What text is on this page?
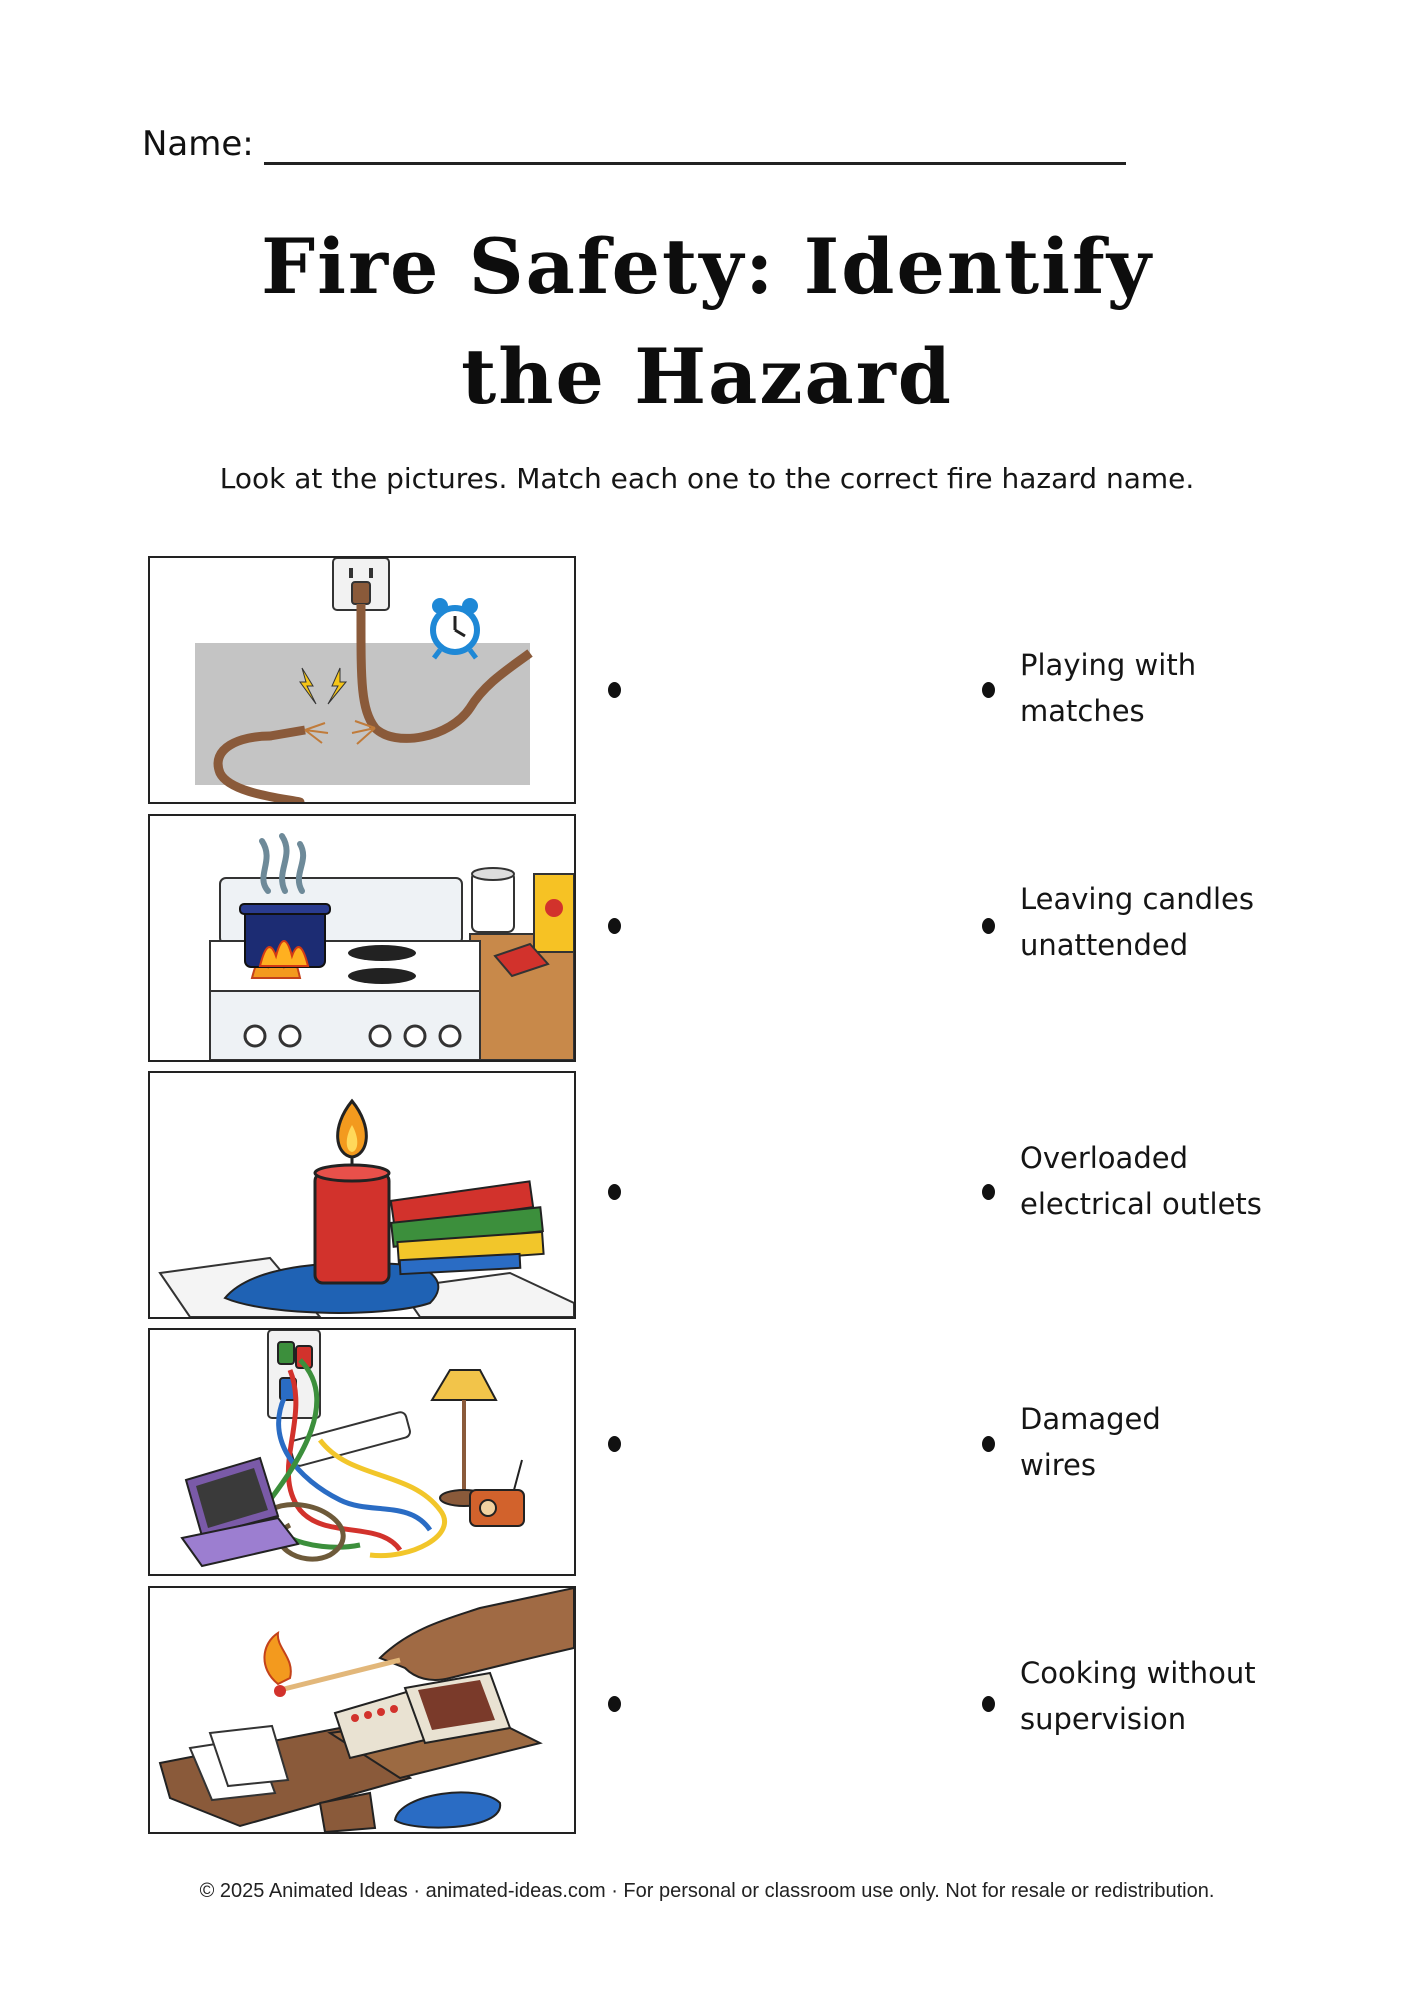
Name:
Fire Safety: Identify
the Hazard
Look at the pictures. Match each one to the correct fire hazard name.
Playing with
matches
Leaving candles
unattended
Overloaded
electrical outlets
Damaged
wires
Cooking without
supervision
© 2025 Animated Ideas · animated-ideas.com · For personal or classroom use only. Not for resale or redistribution.
